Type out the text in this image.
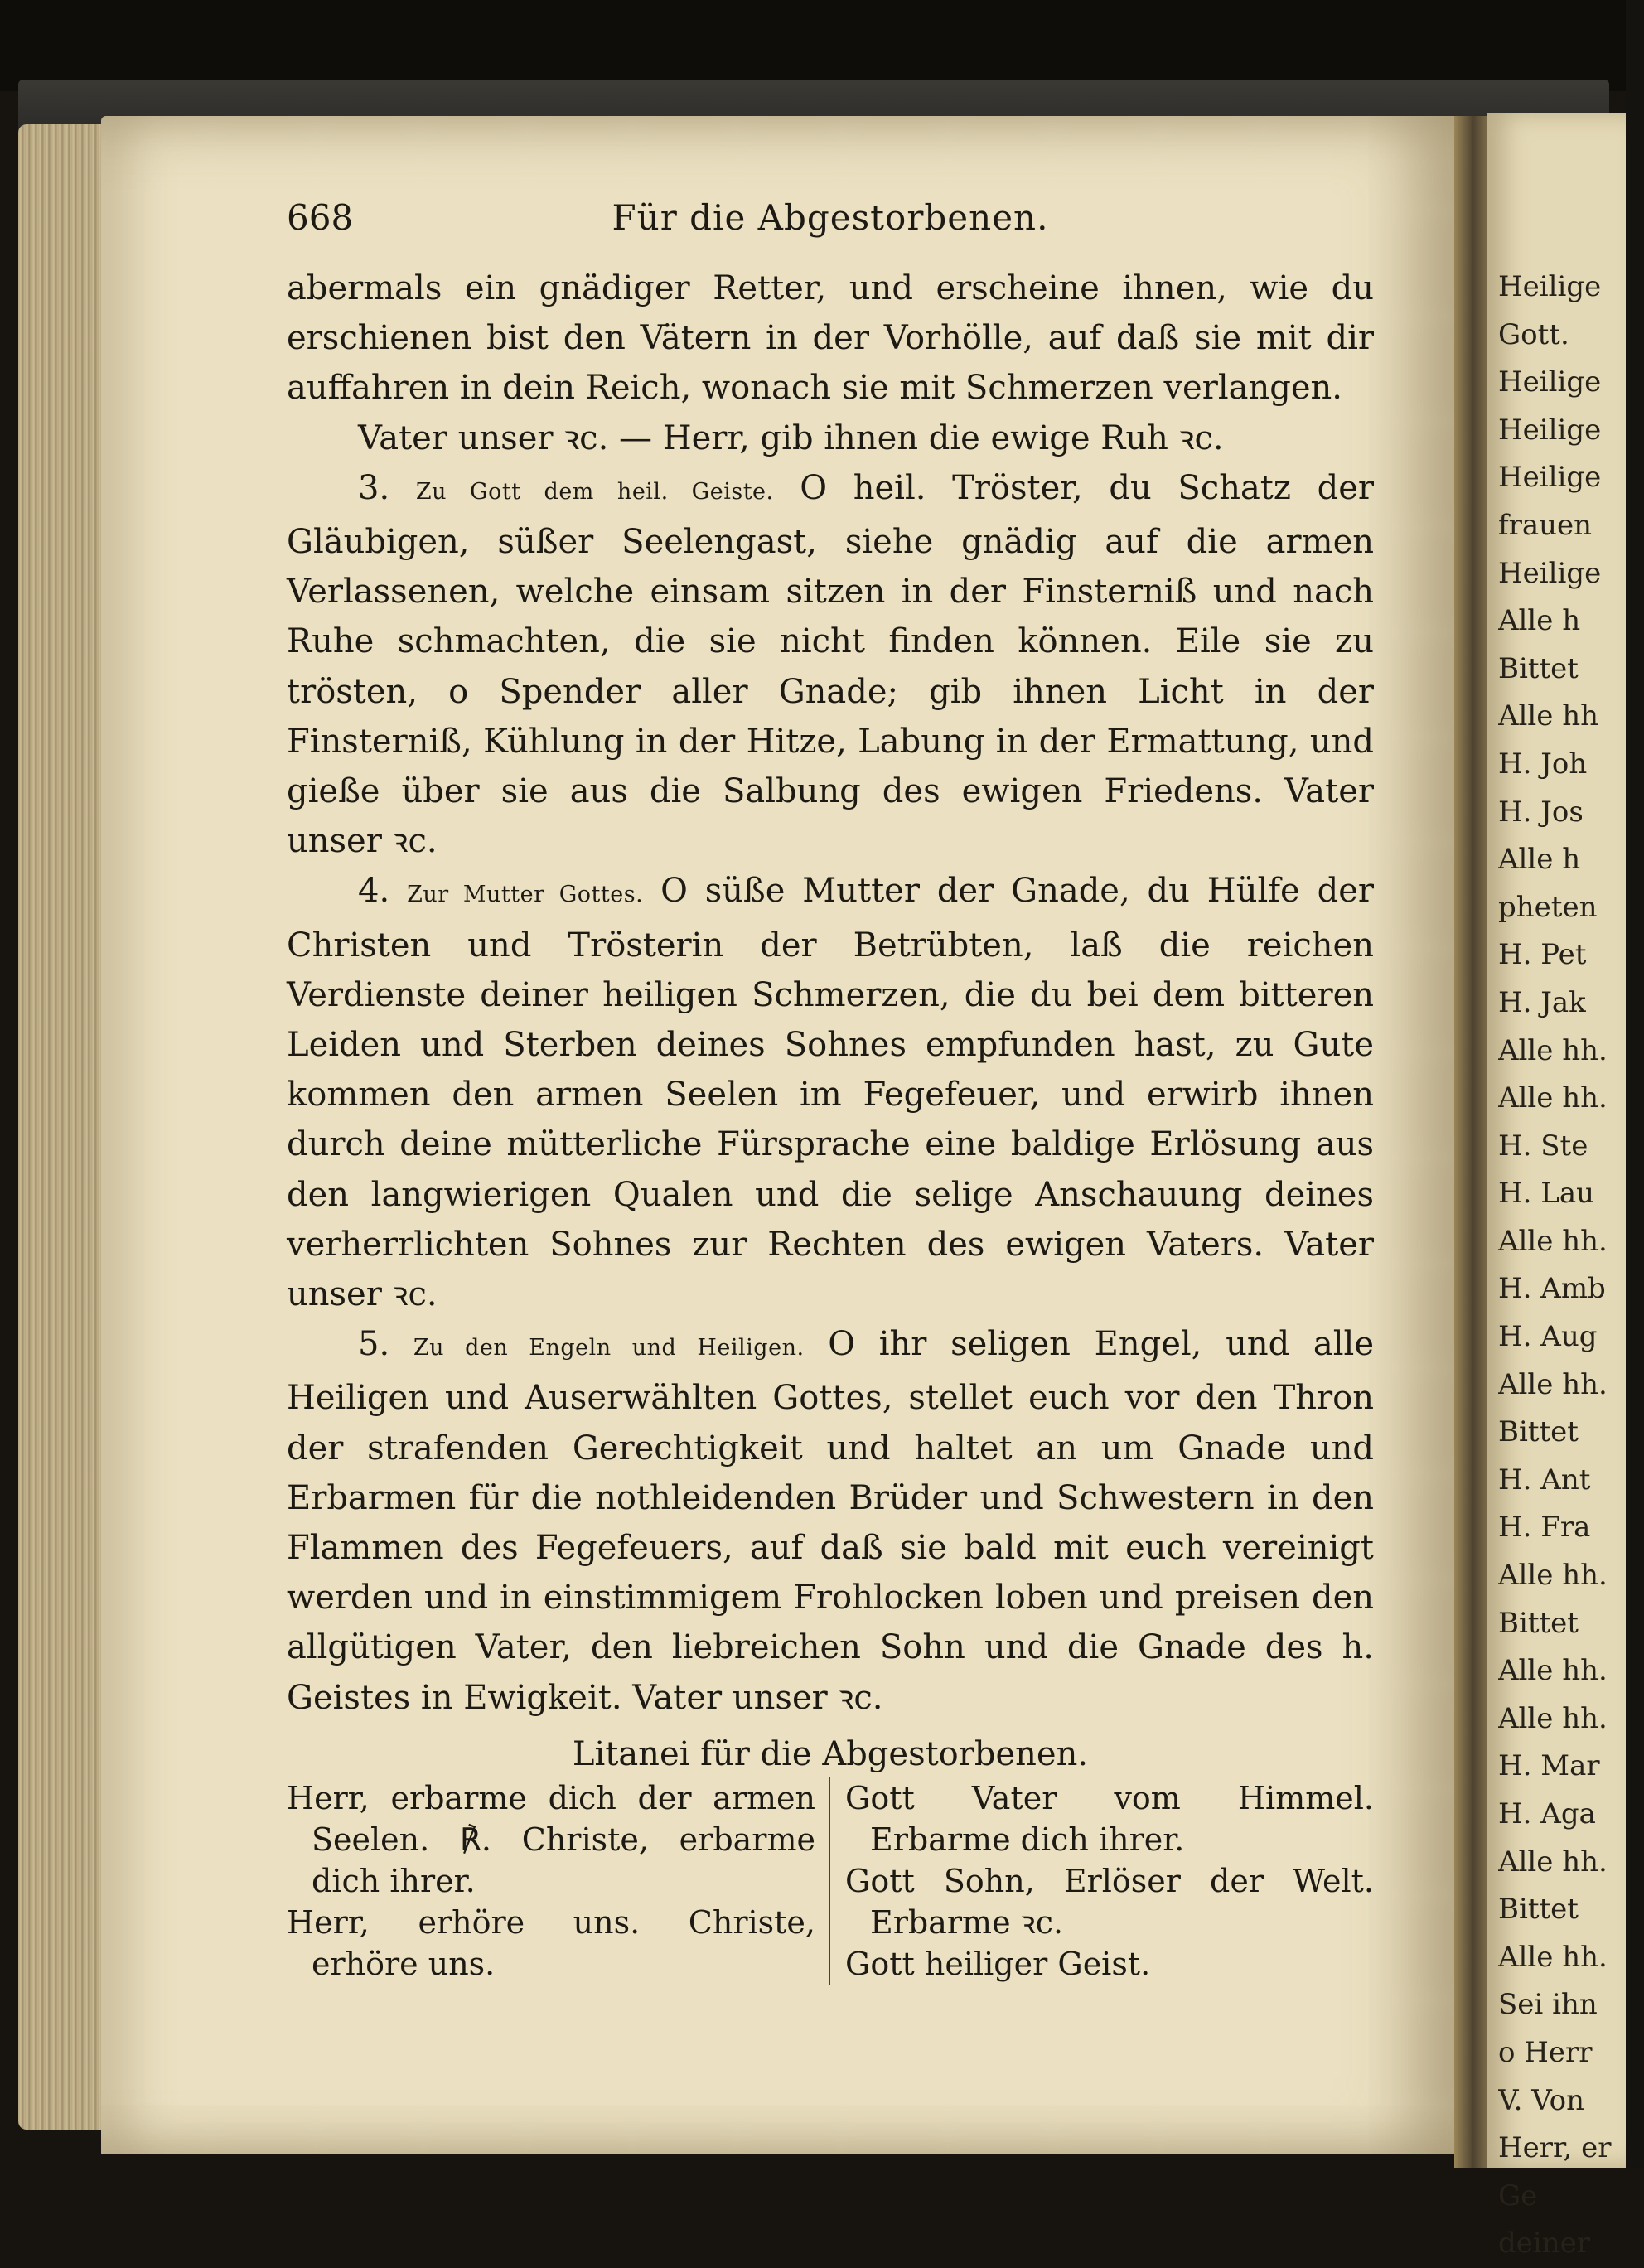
668	Für die Abgestorbenen.

abermals ein gnädiger Retter, und erscheine ihnen, wie du erschienen bist den Vätern in der Vorhölle, auf daß sie mit dir auffahren in dein Reich, wonach sie mit Schmerzen verlangen.

Vater unser ꝛc. — Herr, gib ihnen die ewige Ruh ꝛc.

3. Zu Gott dem heil. Geiste. O heil. Tröster, du Schatz der Gläubigen, süßer Seelengast, siehe gnädig auf die armen Verlassenen, welche einsam sitzen in der Finsterniß und nach Ruhe schmachten, die sie nicht finden können. Eile sie zu trösten, o Spender aller Gnade; gib ihnen Licht in der Finsterniß, Kühlung in der Hitze, Labung in der Ermattung, und gieße über sie aus die Salbung des ewigen Friedens. Vater unser ꝛc.

4. Zur Mutter Gottes. O süße Mutter der Gnade, du Hülfe der Christen und Trösterin der Betrübten, laß die reichen Verdienste deiner heiligen Schmerzen, die du bei dem bitteren Leiden und Sterben deines Sohnes empfunden hast, zu Gute kommen den armen Seelen im Fegefeuer, und erwirb ihnen durch deine mütterliche Fürsprache eine baldige Erlösung aus den langwierigen Qualen und die selige Anschauung deines verherrlichten Sohnes zur Rechten des ewigen Vaters. Vater unser ꝛc.

5. Zu den Engeln und Heiligen. O ihr seligen Engel, und alle Heiligen und Auserwählten Gottes, stellet euch vor den Thron der strafenden Gerechtigkeit und haltet an um Gnade und Erbarmen für die nothleidenden Brüder und Schwestern in den Flammen des Fegefeuers, auf daß sie bald mit euch vereinigt werden und in einstimmigem Frohlocken loben und preisen den allgütigen Vater, den liebreichen Sohn und die Gnade des h. Geistes in Ewigkeit. Vater unser ꝛc.

Litanei für die Abgestorbenen.

Herr, erbarme dich der armen Seelen. ℟. Christe, erbarme dich ihrer.

Herr, erhöre uns. Christe, erhöre uns.

Gott Vater vom Himmel. Erbarme dich ihrer.

Gott Sohn, Erlöser der Welt. Erbarme ꝛc.

Gott heiliger Geist.

Heilige
Gott.
Heilige
Heilige
Heilige
frauen
Heilige
Alle h
Bittet
Alle hh
H. Joh
H. Jos
Alle h
pheten
H. Pet
H. Jak
Alle hh.
Alle hh.
H. Ste
H. Lau
Alle hh.
H. Amb
H. Aug
Alle hh.
Bittet
H. Ant
H. Fra
Alle hh.
Bittet
Alle hh.
Alle hh.
H. Mar
H. Aga
Alle hh.
Bittet
Alle hh.
Sei ihn
o Herr
V. Von
Herr, er
Ge
deiner
